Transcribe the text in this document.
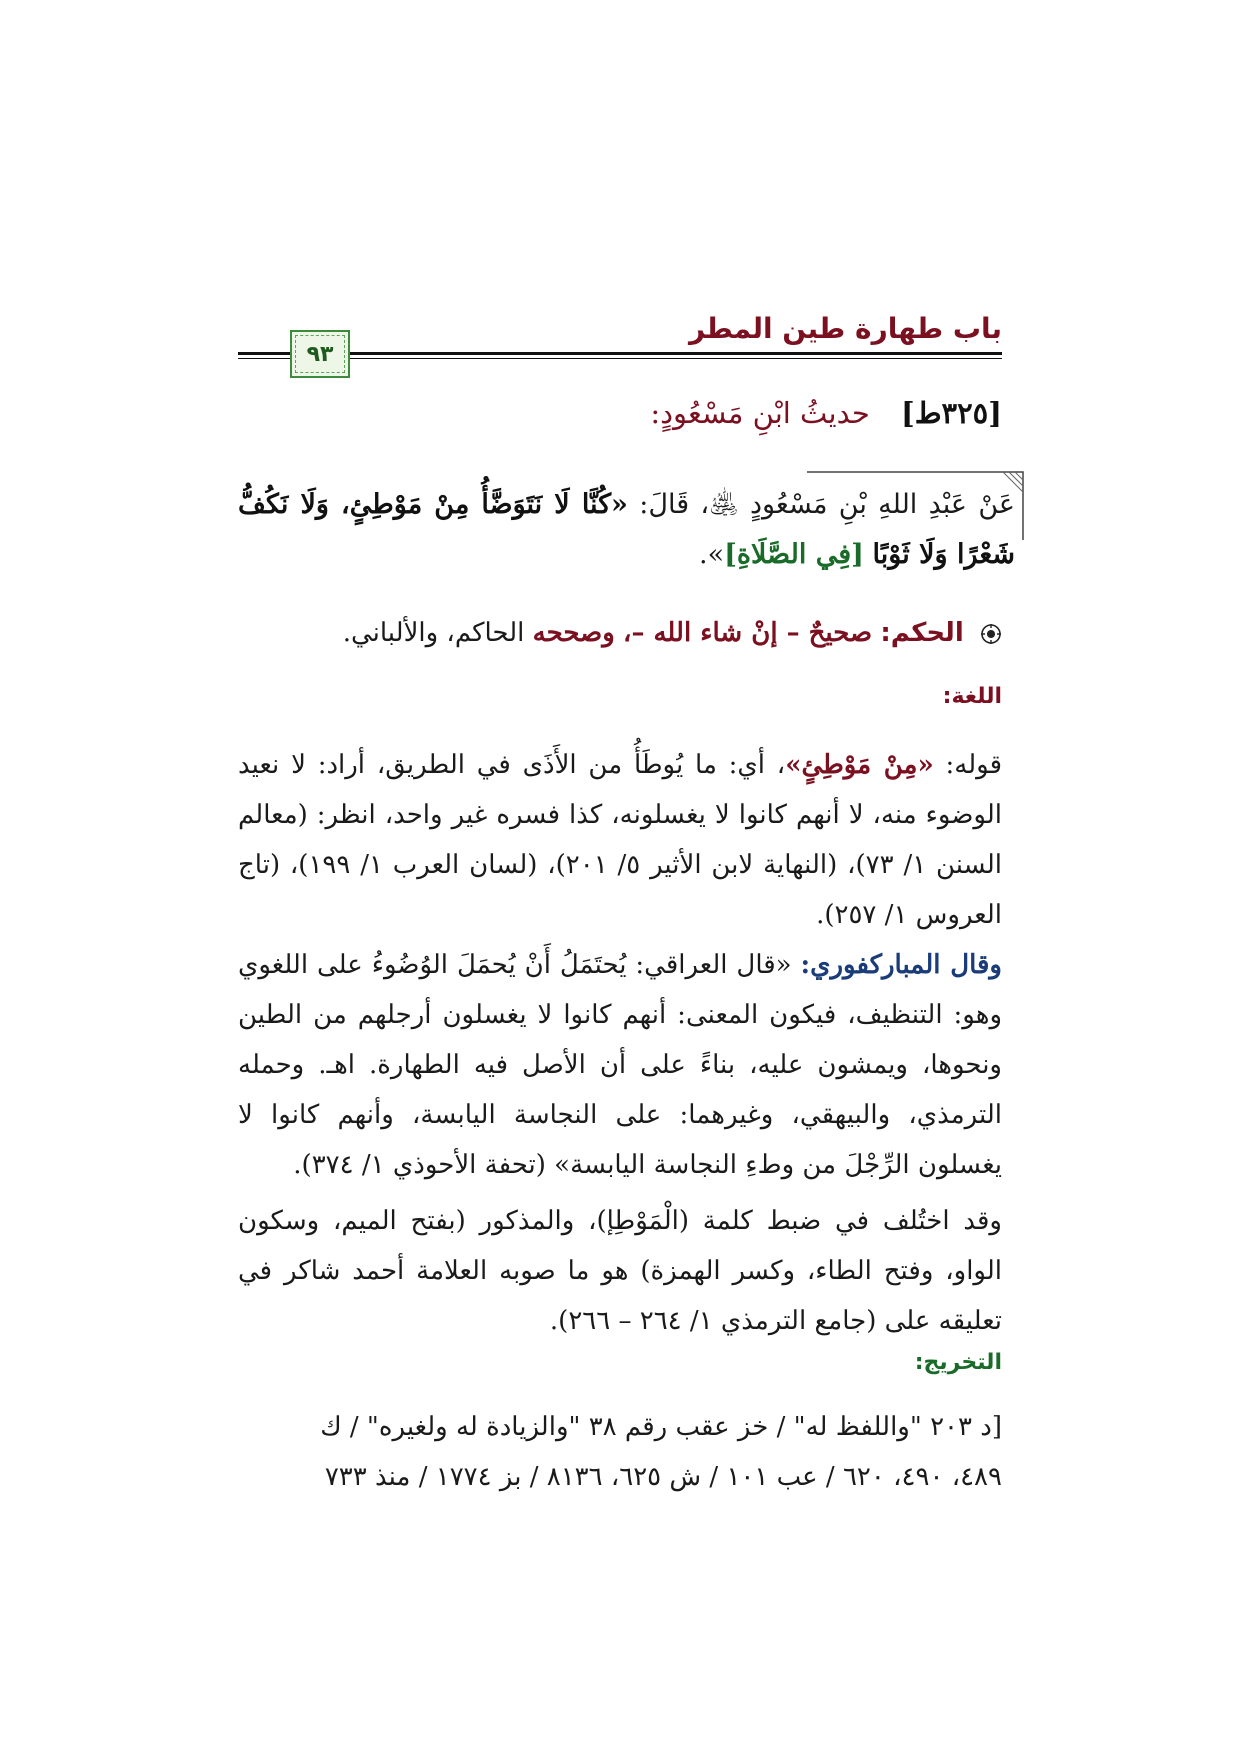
باب طهارة طين المطر
٩٣
[٣٢٥ط] حديثُ ابْنِ مَسْعُودٍ:
عَنْ عَبْدِ اللهِ بْنِ مَسْعُودٍ ﵁، قَالَ: «كُنَّا لَا نَتَوَضَّأُ مِنْ مَوْطِئٍ، وَلَا نَكُفُّ شَعْرًا وَلَا ثَوْبًا [فِي الصَّلَاةِ]».
الحكم: صحيحٌ – إنْ شاء الله –، وصححه الحاكم، والألباني.
اللغة:
قوله: «مِنْ مَوْطِئٍ»، أي: ما يُوطَأُ من الأَذَى في الطريق، أراد: لا نعيد الوضوء منه، لا أنهم كانوا لا يغسلونه، كذا فسره غير واحد، انظر: (معالم السنن ١/ ٧٣)، (النهاية لابن الأثير ٥/ ٢٠١)، (لسان العرب ١/ ١٩٩)، (تاج العروس ١/ ٢٥٧).
وقال المباركفوري: «قال العراقي: يُحتَمَلُ أَنْ يُحمَلَ الوُضُوءُ على اللغوي وهو: التنظيف، فيكون المعنى: أنهم كانوا لا يغسلون أرجلهم من الطين ونحوها، ويمشون عليه، بناءً على أن الأصل فيه الطهارة. اهـ. وحمله الترمذي، والبيهقي، وغيرهما: على النجاسة اليابسة، وأنهم كانوا لا يغسلون الرِّجْلَ من وطءِ النجاسة اليابسة» (تحفة الأحوذي ١/ ٣٧٤).
وقد اختُلف في ضبط كلمة (الْمَوْطِإ)، والمذكور (بفتح الميم، وسكون الواو، وفتح الطاء، وكسر الهمزة) هو ما صوبه العلامة أحمد شاكر في تعليقه على (جامع الترمذي ١/ ٢٦٤ – ٢٦٦).
التخريج:
[د ٢٠٣ "واللفظ له" / خز عقب رقم ٣٨ "والزيادة له ولغيره" / ك
٤٨٩، ٤٩٠، ٦٢٠ / عب ١٠١ / ش ٦٢٥، ٨١٣٦ / بز ١٧٧٤ / منذ ٧٣٣
